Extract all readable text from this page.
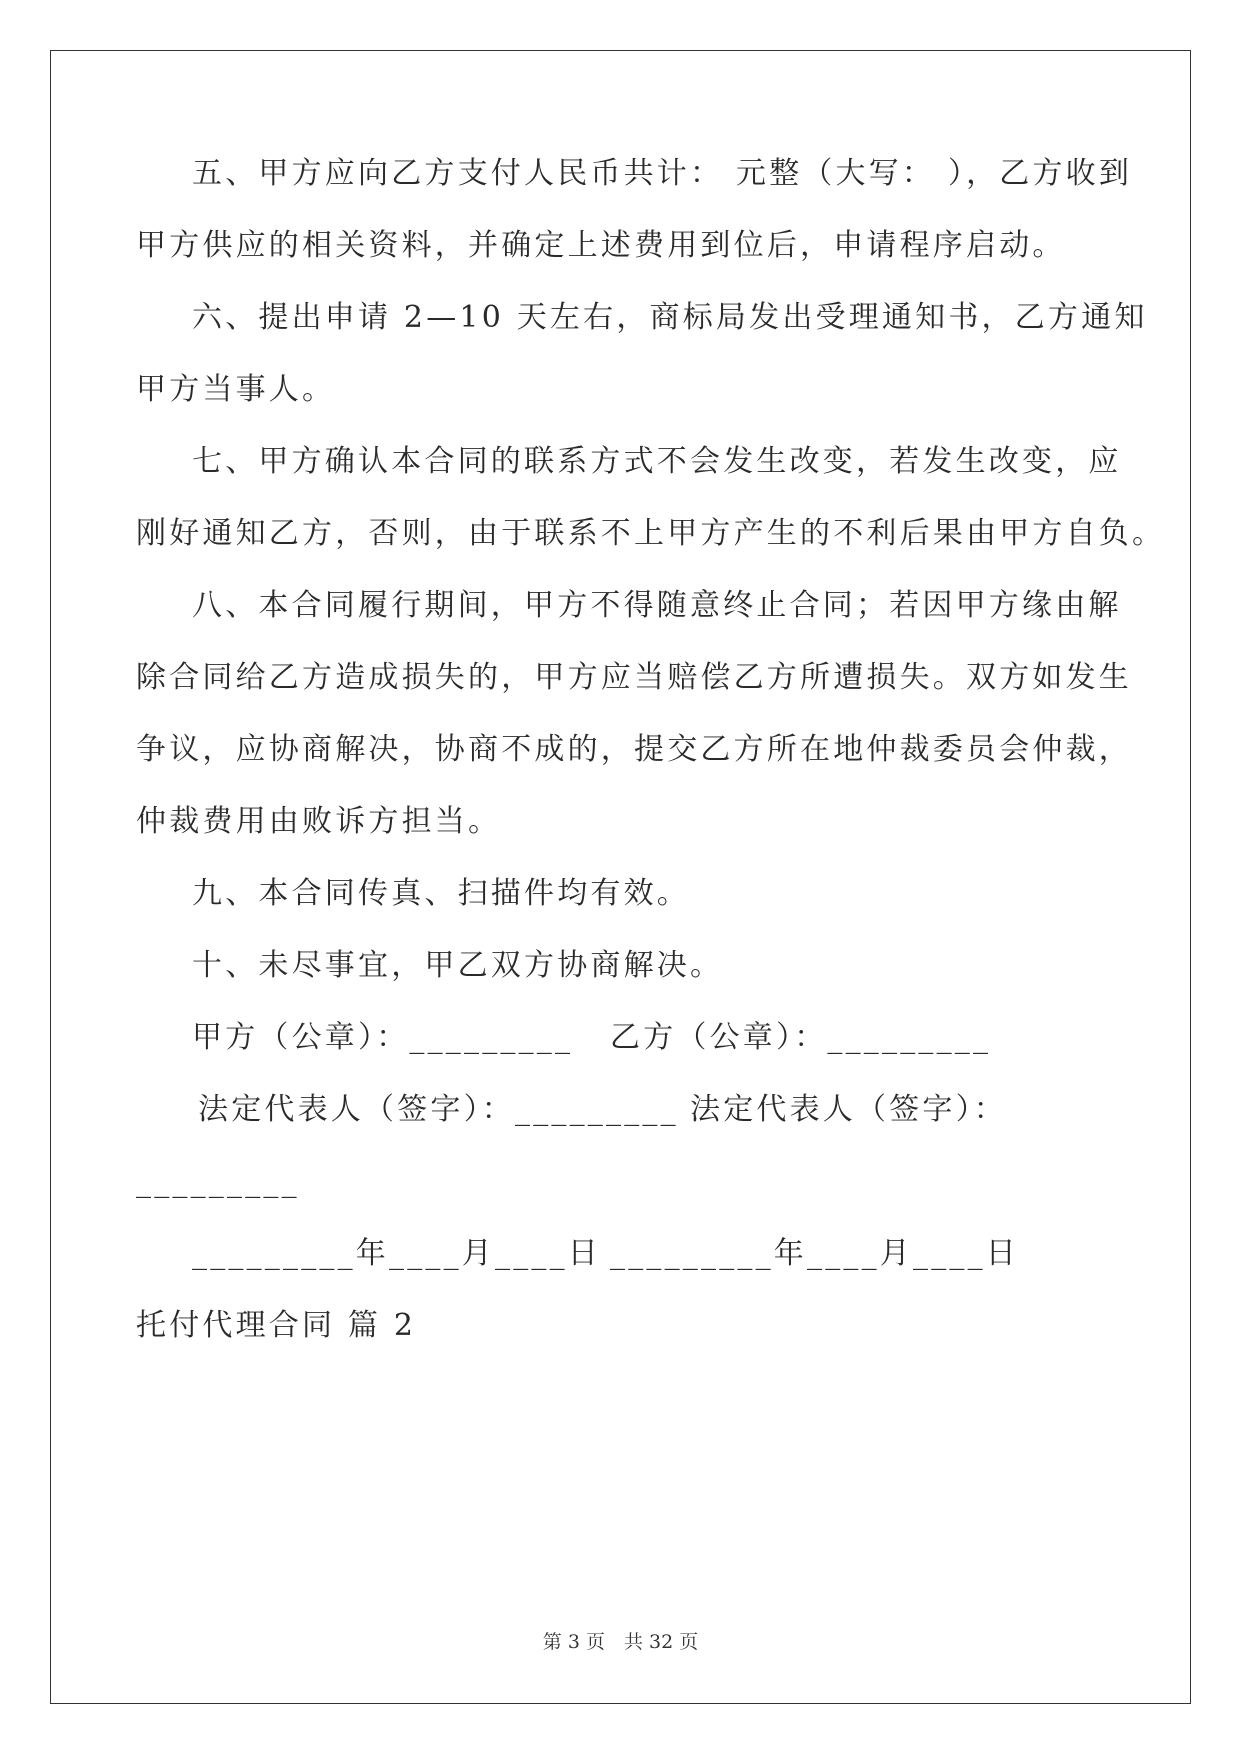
五、甲方应向乙方支付人民币共计： 元整（大写： ），乙方收到
甲方供应的相关资料，并确定上述费用到位后，申请程序启动。
六、提出申请 2—10 天左右，商标局发出受理通知书，乙方通知
甲方当事人。
七、甲方确认本合同的联系方式不会发生改变，若发生改变，应
刚好通知乙方，否则，由于联系不上甲方产生的不利后果由甲方自负。
八、本合同履行期间，甲方不得随意终止合同；若因甲方缘由解
除合同给乙方造成损失的，甲方应当赔偿乙方所遭损失。双方如发生
争议，应协商解决，协商不成的，提交乙方所在地仲裁委员会仲裁，
仲裁费用由败诉方担当。
九、本合同传真、扫描件均有效。
十、未尽事宜，甲乙双方协商解决。
甲方（公章）：_________ 乙方（公章）：_________
法定代表人（签字）：_________ 法定代表人（签字）：
_________
_________年____月____日 _________年____月____日
托付代理合同 篇 2
第 3 页　共 32 页
